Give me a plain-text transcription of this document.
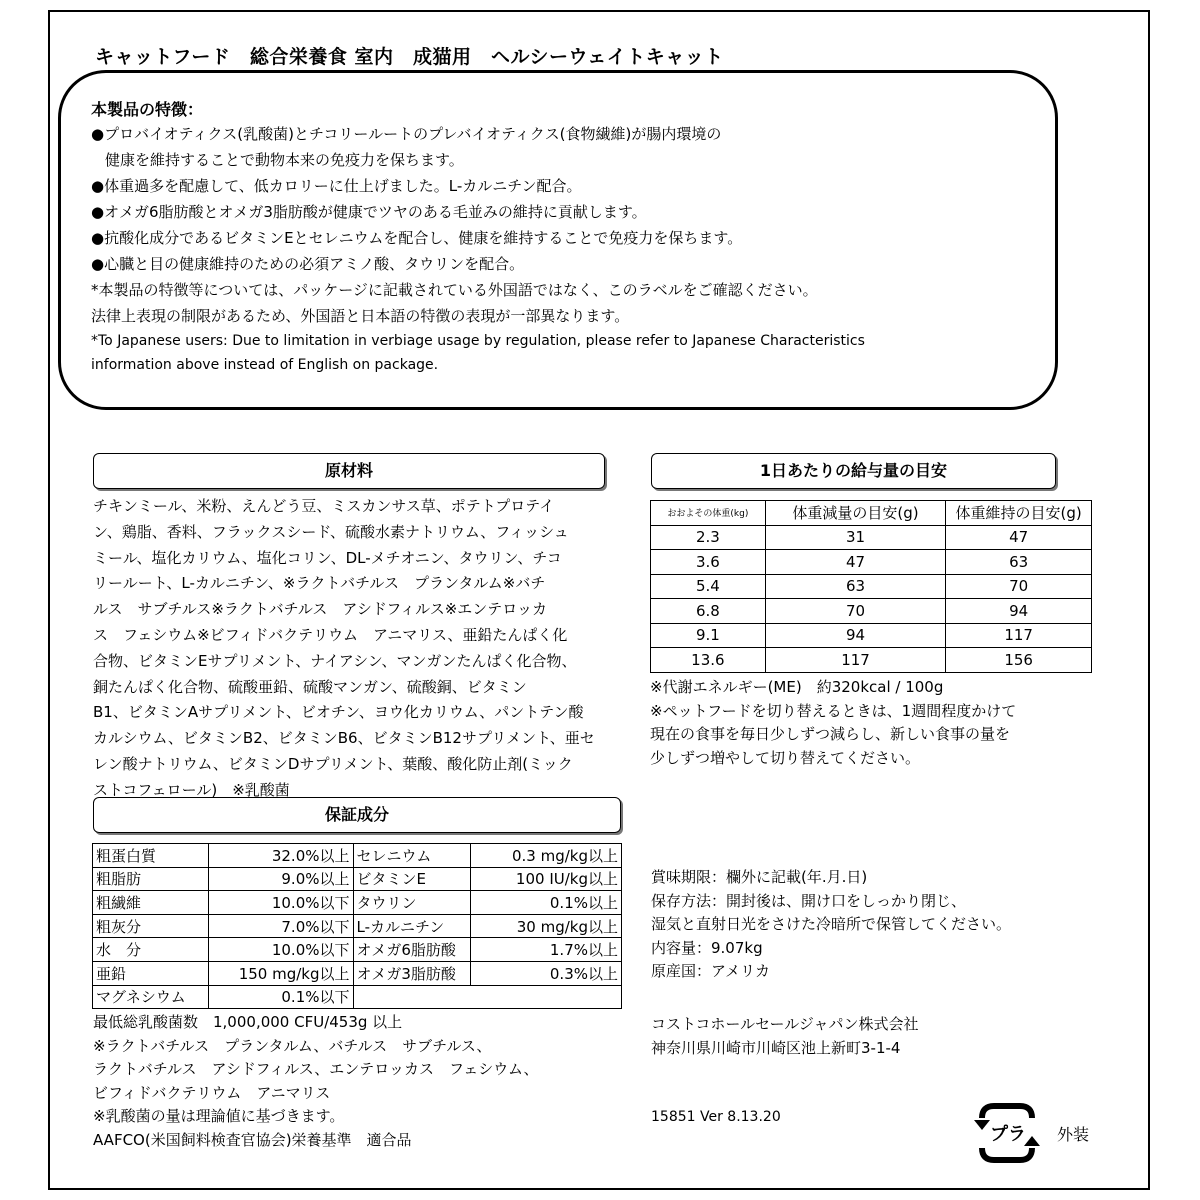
キャットフード　総合栄養食 室内　成猫用　ヘルシーウェイトキャット
本製品の特徴：
●プロバイオティクス(乳酸菌)とチコリールートのプレバイオティクス(食物繊維)が腸内環境の
健康を維持することで動物本来の免疫力を保ちます。
●体重過多を配慮して、低カロリーに仕上げました。L-カルニチン配合。
●オメガ6脂肪酸とオメガ3脂肪酸が健康でツヤのある毛並みの維持に貢献します。
●抗酸化成分であるビタミンEとセレニウムを配合し、健康を維持することで免疫力を保ちます。
●心臓と目の健康維持のための必須アミノ酸、タウリンを配合。
*本製品の特徴等については、パッケージに記載されている外国語ではなく、このラベルをご確認ください。
法律上表現の制限があるため、外国語と日本語の特徴の表現が一部異なります。
*To Japanese users: Due to limitation in verbiage usage by regulation, please refer to Japanese Characteristics
information above instead of English on package.
原材料
チキンミール、米粉、えんどう豆、ミスカンサス草、ポテトプロテイ
ン、鶏脂、香料、フラックスシード、硫酸水素ナトリウム、フィッシュ
ミール、塩化カリウム、塩化コリン、DL-メチオニン、タウリン、チコ
リールート、L-カルニチン、※ラクトバチルス　プランタルム※バチ
ルス　サブチルス※ラクトバチルス　アシドフィルス※エンテロッカ
ス　フェシウム※ビフィドバクテリウム　アニマリス、亜鉛たんぱく化
合物、ビタミンEサプリメント、ナイアシン、マンガンたんぱく化合物、
銅たんぱく化合物、硫酸亜鉛、硫酸マンガン、硫酸銅、ビタミン
B1、ビタミンAサプリメント、ビオチン、ヨウ化カリウム、パントテン酸
カルシウム、ビタミンB2、ビタミンB6、ビタミンB12サプリメント、亜セ
レン酸ナトリウム、ビタミンDサプリメント、葉酸、酸化防止剤(ミック
ストコフェロール)　※乳酸菌
1日あたりの給与量の目安
おおよその体重(kg)	体重減量の目安(g)	体重維持の目安(g)
2.3	31	47
3.6	47	63
5.4	63	70
6.8	70	94
9.1	94	117
13.6	117	156
※代謝エネルギー(ME)　約320kcal / 100g
※ペットフードを切り替えるときは、1週間程度かけて
現在の食事を毎日少しずつ減らし、新しい食事の量を
少しずつ増やして切り替えてください。
保証成分
粗蛋白質	32.0%以上	セレニウム	0.3 mg/kg以上
粗脂肪	9.0%以上	ビタミンE	100 IU/kg以上
粗繊維	10.0%以下	タウリン	0.1%以上
粗灰分	7.0%以下	L-カルニチン	30 mg/kg以上
水　分	10.0%以下	オメガ6脂肪酸	1.7%以上
亜鉛	150 mg/kg以上	オメガ3脂肪酸	0.3%以上
マグネシウム	0.1%以下		
最低総乳酸菌数　1,000,000 CFU/453g 以上
※ラクトバチルス　プランタルム、バチルス　サブチルス、
ラクトバチルス　アシドフィルス、エンテロッカス　フェシウム、
ビフィドバクテリウム　アニマリス
※乳酸菌の量は理論値に基づきます。
AAFCO(米国飼料検査官協会)栄養基準　適合品
賞味期限：欄外に記載(年.月.日)
保存方法：開封後は、開け口をしっかり閉じ、
湿気と直射日光をさけた冷暗所で保管してください。
内容量：9.07kg
原産国：アメリカ
コストコホールセールジャパン株式会社
神奈川県川崎市川崎区池上新町3-1-4
15851 Ver 8.13.20
プラ 外装
